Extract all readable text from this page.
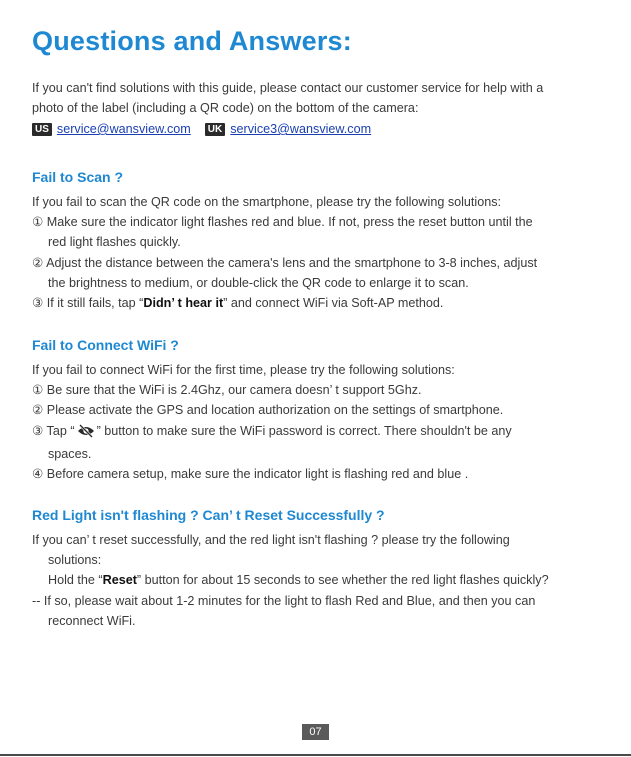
Questions and Answers:
If you can't find solutions with this guide, please contact our customer service for help with a
photo of the label (including a QR code) on the bottom of the camera:
US service@wansview.com	UK service3@wansview.com
Fail to Scan ?
If you fail to scan the QR code on the smartphone, please try the following solutions:
① Make sure the indicator light flashes red and blue. If not, press the reset button until the
red light flashes quickly.
② Adjust the distance between the camera's lens and the smartphone to 3-8 inches, adjust
the brightness to medium, or double-click the QR code to enlarge it to scan.
③ If it still fails, tap “Didn’ t hear it” and connect WiFi via Soft-AP method.
Fail to Connect WiFi ?
If you fail to connect WiFi for the first time, please try the following solutions:
① Be sure that the WiFi is 2.4Ghz, our camera doesn’ t support 5Ghz.
② Please activate the GPS and location authorization on the settings of smartphone.
③ Tap “ ” button to make sure the WiFi password is correct. There shouldn't be any
spaces.
④ Before camera setup, make sure the indicator light is flashing red and blue .
Red Light isn't flashing ? Can’ t Reset Successfully ?
If you can’ t reset successfully, and the red light isn't flashing ? please try the following
solutions:
Hold the “Reset” button for about 15 seconds to see whether the red light flashes quickly?
-- If so, please wait about 1-2 minutes for the light to flash Red and Blue, and then you can
reconnect WiFi.
07
